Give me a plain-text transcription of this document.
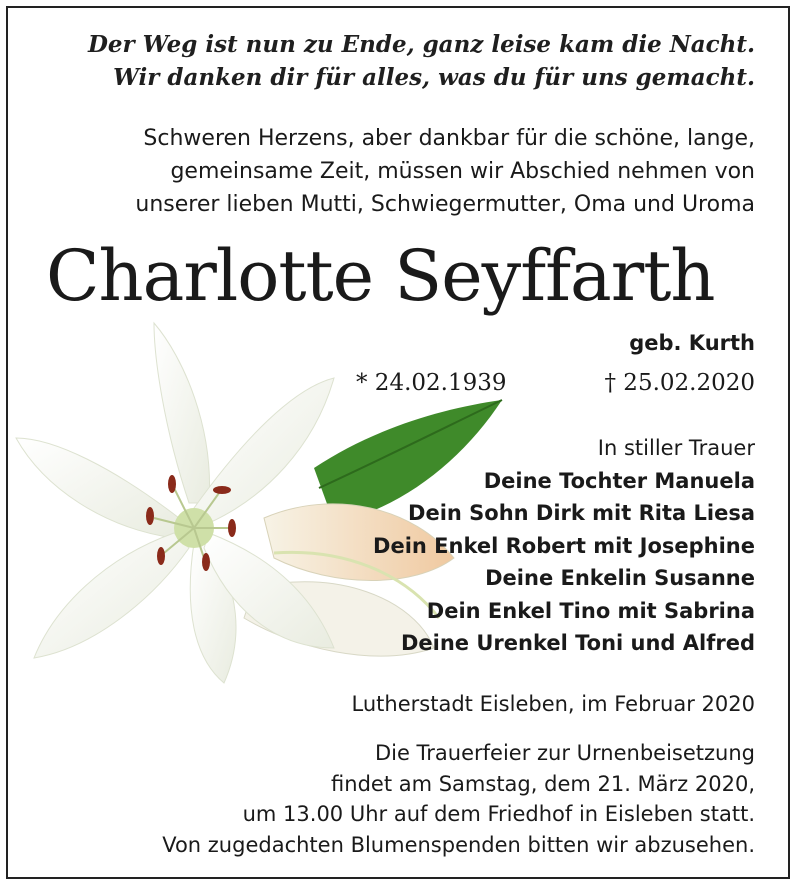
Der Weg ist nun zu Ende, ganz leise kam die Nacht.
Wir danken dir für alles, was du für uns gemacht.
Schweren Herzens, aber dankbar für die schöne, lange,
gemeinsame Zeit, müssen wir Abschied nehmen von
unserer lieben Mutti, Schwiegermutter, Oma und Uroma
Charlotte Seyffarth
geb. Kurth
* 24.02.1939	† 25.02.2020
In stiller Trauer
Deine Tochter Manuela
Dein Sohn Dirk mit Rita Liesa
Dein Enkel Robert mit Josephine
Deine Enkelin Susanne
Dein Enkel Tino mit Sabrina
Deine Urenkel Toni und Alfred
Lutherstadt Eisleben, im Februar 2020
Die Trauerfeier zur Urnenbeisetzung
findet am Samstag, dem 21. März 2020,
um 13.00 Uhr auf dem Friedhof in Eisleben statt.
Von zugedachten Blumenspenden bitten wir abzusehen.
